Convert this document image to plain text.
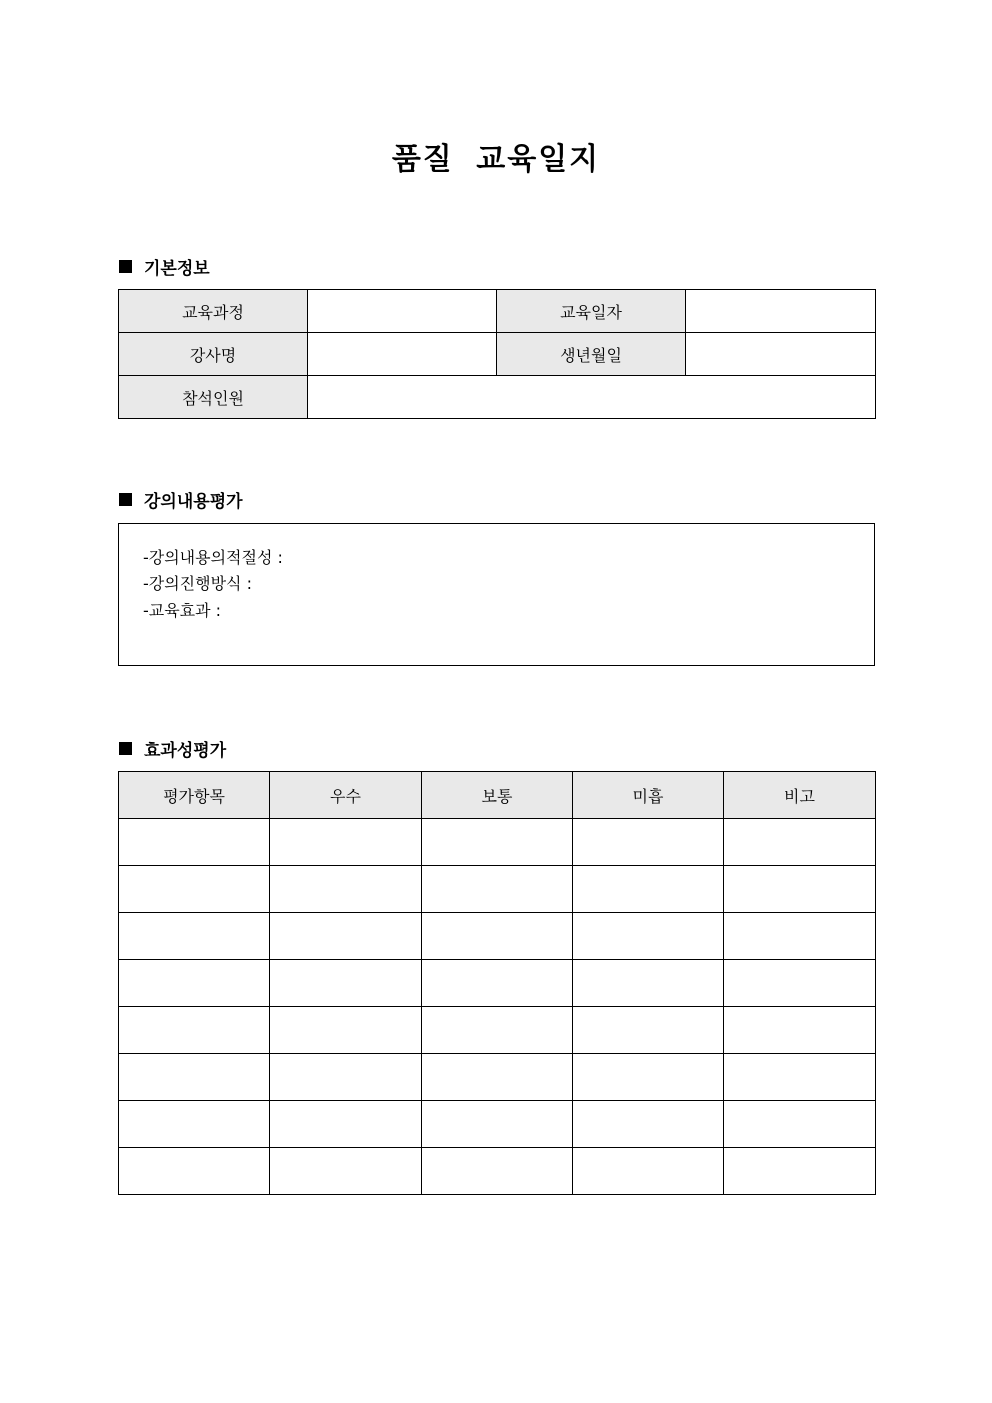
품질 교육일지
기본정보
교육과정		교육일자	
강사명		생년월일	
참석인원			
강의내용평가
-강의내용의적절성 :
-강의진행방식 :
-교육효과 :
효과성평가
평가항목	우수	보통	미흡	비고
